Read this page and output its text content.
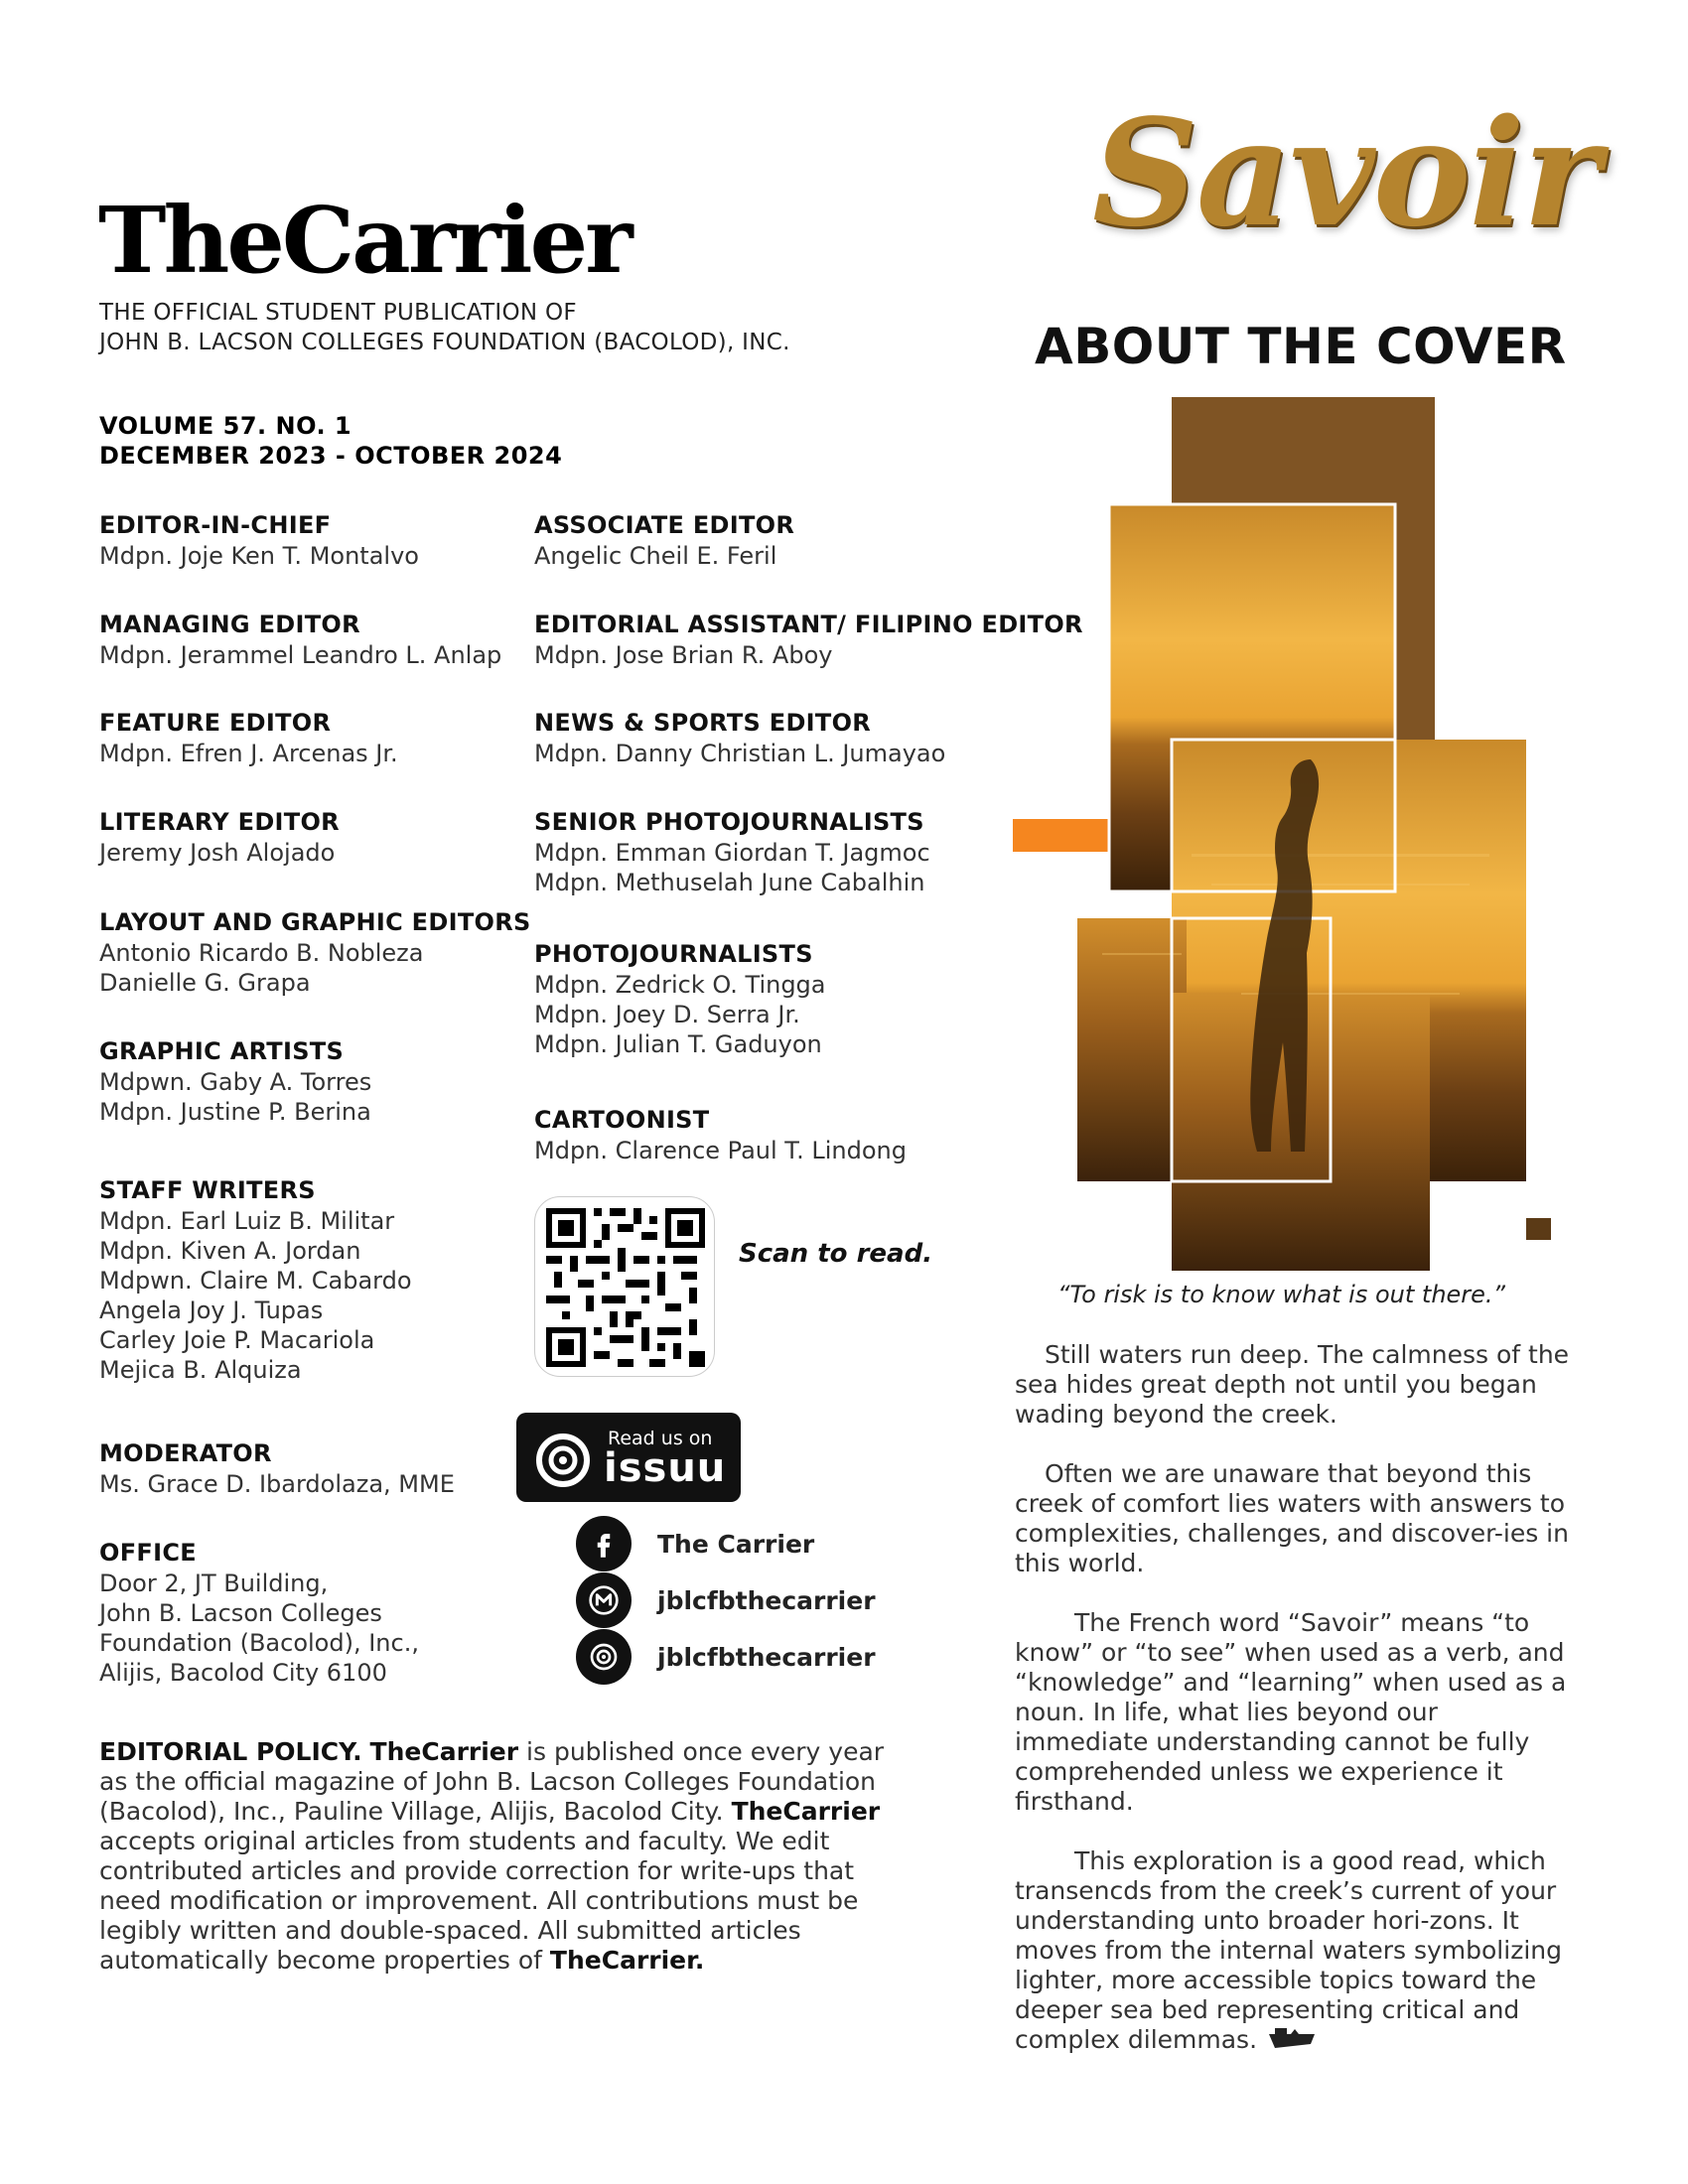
TheCarrier
THE OFFICIAL STUDENT PUBLICATION OF
JOHN B. LACSON COLLEGES FOUNDATION (BACOLOD), INC.
VOLUME 57. NO. 1
DECEMBER 2023 - OCTOBER 2024
EDITOR-IN-CHIEF
Mdpn. Joje Ken T. Montalvo
MANAGING EDITOR
Mdpn. Jerammel Leandro L. Anlap
FEATURE EDITOR
Mdpn. Efren J. Arcenas Jr.
LITERARY EDITOR
Jeremy Josh Alojado
LAYOUT AND GRAPHIC EDITORS
Antonio Ricardo B. Nobleza
Danielle G. Grapa
GRAPHIC ARTISTS
Mdpwn. Gaby A. Torres
Mdpn. Justine P. Berina
STAFF WRITERS
Mdpn. Earl Luiz B. Militar
Mdpn. Kiven A. Jordan
Mdpwn. Claire M. Cabardo
Angela Joy J. Tupas
Carley Joie P. Macariola
Mejica B. Alquiza
MODERATOR
Ms. Grace D. Ibardolaza, MME
OFFICE
Door 2, JT Building,
John B. Lacson Colleges
Foundation (Bacolod), Inc.,
Alijis, Bacolod City 6100
ASSOCIATE EDITOR
Angelic Cheil E. Feril
EDITORIAL ASSISTANT/ FILIPINO EDITOR
Mdpn. Jose Brian R. Aboy
NEWS & SPORTS EDITOR
Mdpn. Danny Christian L. Jumayao
SENIOR PHOTOJOURNALISTS
Mdpn. Emman Giordan T. Jagmoc
Mdpn. Methuselah June Cabalhin
PHOTOJOURNALISTS
Mdpn. Zedrick O. Tingga
Mdpn. Joey D. Serra Jr.
Mdpn. Julian T. Gaduyon
CARTOONIST
Mdpn. Clarence Paul T. Lindong
Scan to read.
Read us on
issuu
The Carrier
jblcfbthecarrier
jblcfbthecarrier
EDITORIAL POLICY. TheCarrier is published once every year as the official magazine of John B. Lacson Colleges Foundation (Bacolod), Inc., Pauline Village, Alijis, Bacolod City. TheCarrier accepts original articles from students and faculty. We edit contributed articles and provide correction for write-ups that need modification or improvement. All contributions must be legibly written and double-spaced. All submitted articles automatically become properties of TheCarrier.
Savoir
ABOUT THE COVER
“To risk is to know what is out there.”

Still waters run deep. The calmness of the sea hides great depth not until you began wading beyond the creek.

Often we are unaware that beyond this creek of comfort lies waters with answers to complexities, challenges, and discover-ies in this world.

The French word “Savoir” means “to know” or “to see” when used as a verb, and “knowledge” and “learning” when used as a noun. In life, what lies beyond our immediate understanding cannot be fully comprehended unless we experience it firsthand.

This exploration is a good read, which transencds from the creek’s current of your understanding unto broader hori-zons. It moves from the internal waters symbolizing lighter, more accessible topics toward the deeper sea bed representing critical and complex dilemmas.
